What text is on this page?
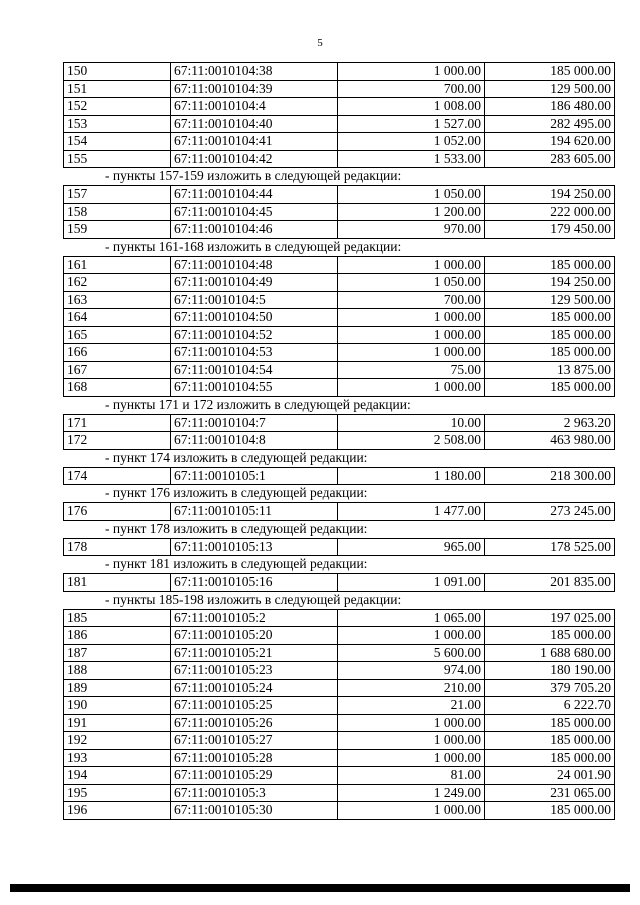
5
150	67:11:0010104:38	1 000.00	185 000.00
151	67:11:0010104:39	700.00	129 500.00
152	67:11:0010104:4	1 008.00	186 480.00
153	67:11:0010104:40	1 527.00	282 495.00
154	67:11:0010104:41	1 052.00	194 620.00
155	67:11:0010104:42	1 533.00	283 605.00
- пункты 157-159 изложить в следующей редакции:
157	67:11:0010104:44	1 050.00	194 250.00
158	67:11:0010104:45	1 200.00	222 000.00
159	67:11:0010104:46	970.00	179 450.00
- пункты 161-168 изложить в следующей редакции:
161	67:11:0010104:48	1 000.00	185 000.00
162	67:11:0010104:49	1 050.00	194 250.00
163	67:11:0010104:5	700.00	129 500.00
164	67:11:0010104:50	1 000.00	185 000.00
165	67:11:0010104:52	1 000.00	185 000.00
166	67:11:0010104:53	1 000.00	185 000.00
167	67:11:0010104:54	75.00	13 875.00
168	67:11:0010104:55	1 000.00	185 000.00
- пункты 171 и 172 изложить в следующей редакции:
171	67:11:0010104:7	10.00	2 963.20
172	67:11:0010104:8	2 508.00	463 980.00
- пункт 174 изложить в следующей редакции:
174	67:11:0010105:1	1 180.00	218 300.00
- пункт 176 изложить в следующей редакции:
176	67:11:0010105:11	1 477.00	273 245.00
- пункт 178 изложить в следующей редакции:
178	67:11:0010105:13	965.00	178 525.00
- пункт 181 изложить в следующей редакции:
181	67:11:0010105:16	1 091.00	201 835.00
- пункты 185-198 изложить в следующей редакции:
185	67:11:0010105:2	1 065.00	197 025.00
186	67:11:0010105:20	1 000.00	185 000.00
187	67:11:0010105:21	5 600.00	1 688 680.00
188	67:11:0010105:23	974.00	180 190.00
189	67:11:0010105:24	210.00	379 705.20
190	67:11:0010105:25	21.00	6 222.70
191	67:11:0010105:26	1 000.00	185 000.00
192	67:11:0010105:27	1 000.00	185 000.00
193	67:11:0010105:28	1 000.00	185 000.00
194	67:11:0010105:29	81.00	24 001.90
195	67:11:0010105:3	1 249.00	231 065.00
196	67:11:0010105:30	1 000.00	185 000.00
